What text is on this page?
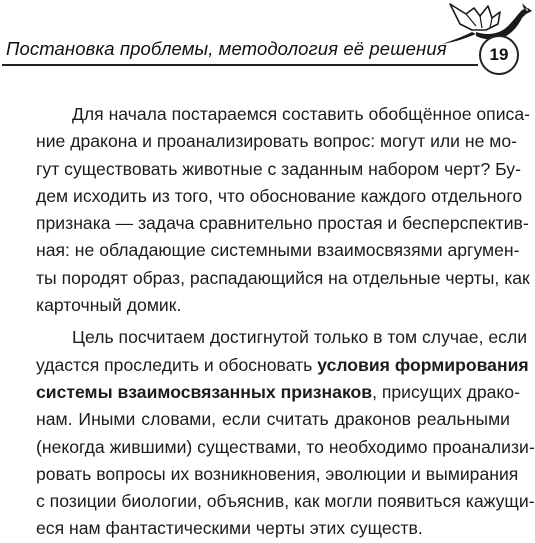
Постановка проблемы, методология её решения	19
Для начала постараемся составить обобщённое описа-
ние дракона и проанализировать вопрос: могут или не мо-
гут существовать животные с заданным набором черт? Бу-
дем исходить из того, что обоснование каждого отдельного
признака — задача сравнительно простая и бесперспектив-
ная: не обладающие системными взаимосвязями аргумен-
ты породят образ, распадающийся на отдельные черты, как
карточный домик.
Цель посчитаем достигнутой только в том случае, если
удастся проследить и обосновать условия формирования
системы взаимосвязанных признаков, присущих драко-
нам. Иными словами, если считать драконов реальными
(некогда жившими) существами, то необходимо проанализи-
ровать вопросы их возникновения, эволюции и вымирания
с позиции биологии, объяснив, как могли появиться кажущи-
еся нам фантастическими черты этих существ.
